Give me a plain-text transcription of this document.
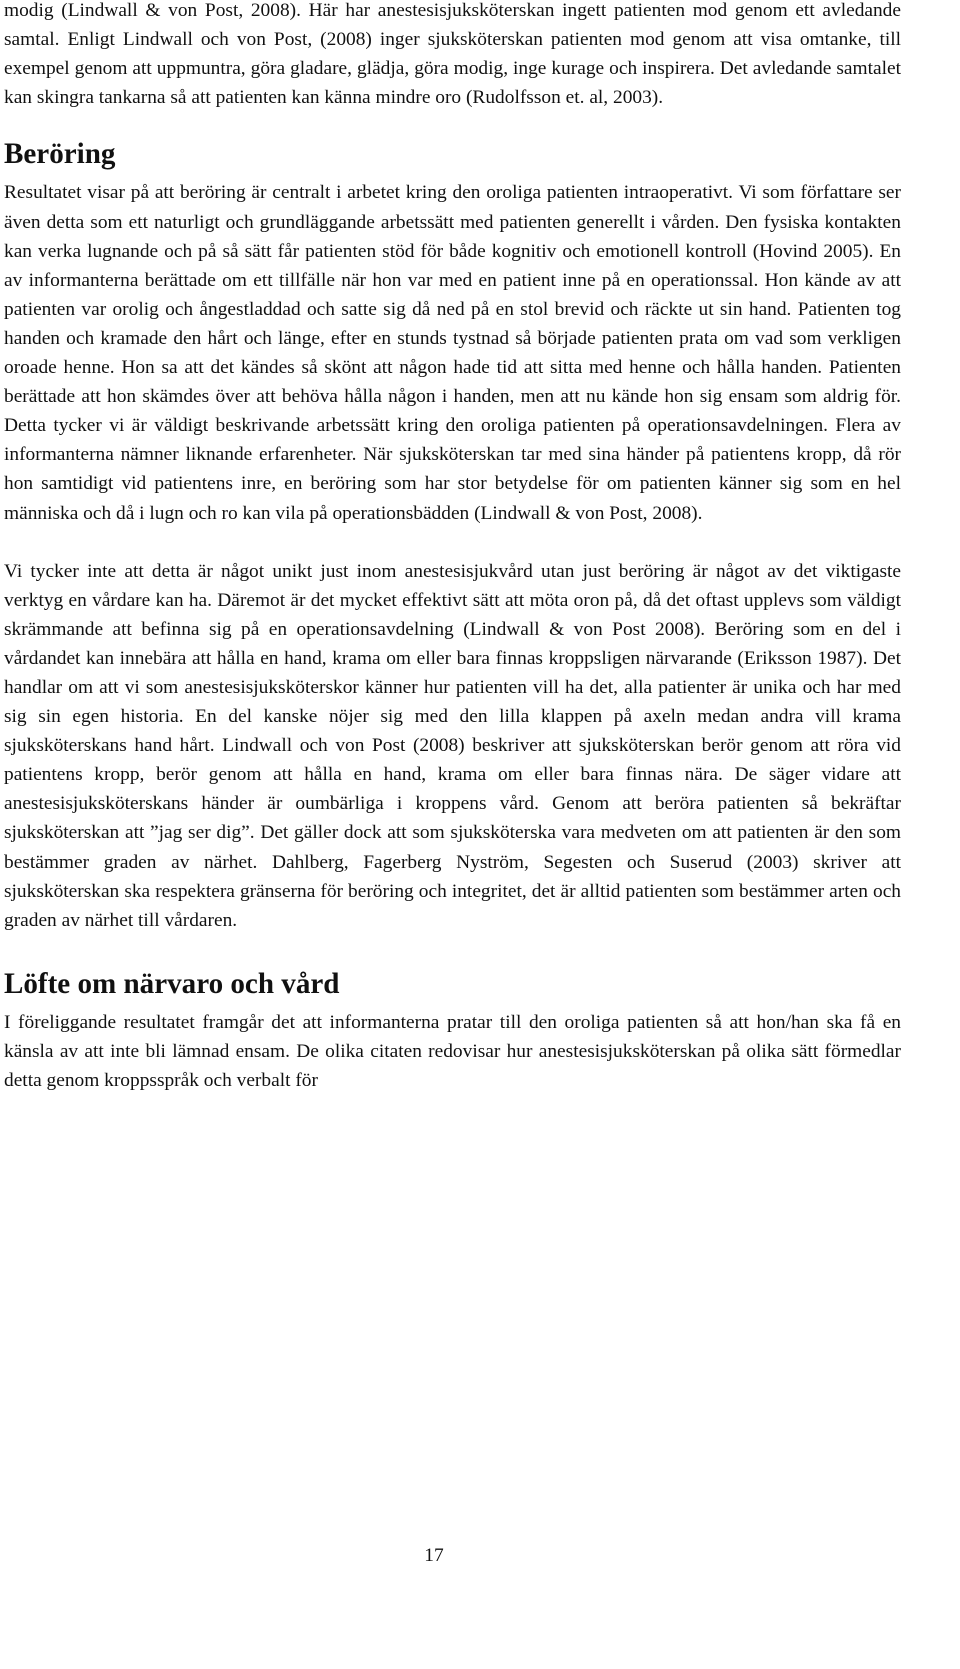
modig (Lindwall & von Post, 2008). Här har anestesisjuksköterskan ingett patienten mod genom ett avledande samtal. Enligt Lindwall och von Post, (2008) inger sjuksköterskan patienten mod genom att visa omtanke, till exempel genom att uppmuntra, göra gladare, glädja, göra modig, inge kurage och inspirera. Det avledande samtalet kan skingra tankarna så att patienten kan känna mindre oro (Rudolfsson et. al, 2003).

Beröring

Resultatet visar på att beröring är centralt i arbetet kring den oroliga patienten intraoperativt. Vi som författare ser även detta som ett naturligt och grundläggande arbetssätt med patienten generellt i vården. Den fysiska kontakten kan verka lugnande och på så sätt får patienten stöd för både kognitiv och emotionell kontroll (Hovind 2005). En av informanterna berättade om ett tillfälle när hon var med en patient inne på en operationssal. Hon kände av att patienten var orolig och ångestladdad och satte sig då ned på en stol brevid och räckte ut sin hand. Patienten tog handen och kramade den hårt och länge, efter en stunds tystnad så började patienten prata om vad som verkligen oroade henne. Hon sa att det kändes så skönt att någon hade tid att sitta med henne och hålla handen. Patienten berättade att hon skämdes över att behöva hålla någon i handen, men att nu kände hon sig ensam som aldrig för. Detta tycker vi är väldigt beskrivande arbetssätt kring den oroliga patienten på operationsavdelningen. Flera av informanterna nämner liknande erfarenheter. När sjuksköterskan tar med sina händer på patientens kropp, då rör hon samtidigt vid patientens inre, en beröring som har stor betydelse för om patienten känner sig som en hel människa och då i lugn och ro kan vila på operationsbädden (Lindwall & von Post, 2008).

Vi tycker inte att detta är något unikt just inom anestesisjukvård utan just beröring är något av det viktigaste verktyg en vårdare kan ha. Däremot är det mycket effektivt sätt att möta oron på, då det oftast upplevs som väldigt skrämmande att befinna sig på en operationsavdelning (Lindwall & von Post 2008). Beröring som en del i vårdandet kan innebära att hålla en hand, krama om eller bara finnas kroppsligen närvarande (Eriksson 1987). Det handlar om att vi som anestesisjuksköterskor känner hur patienten vill ha det, alla patienter är unika och har med sig sin egen historia. En del kanske nöjer sig med den lilla klappen på axeln medan andra vill krama sjuksköterskans hand hårt. Lindwall och von Post (2008) beskriver att sjuksköterskan berör genom att röra vid patientens kropp, berör genom att hålla en hand, krama om eller bara finnas nära. De säger vidare att anestesisjuksköterskans händer är oumbärliga i kroppens vård. Genom att beröra patienten så bekräftar sjuksköterskan att ”jag ser dig”. Det gäller dock att som sjuksköterska vara medveten om att patienten är den som bestämmer graden av närhet. Dahlberg, Fagerberg Nyström, Segesten och Suserud (2003) skriver att sjuksköterskan ska respektera gränserna för beröring och integritet, det är alltid patienten som bestämmer arten och graden av närhet till vårdaren.

Löfte om närvaro och vård

I föreliggande resultatet framgår det att informanterna pratar till den oroliga patienten så att hon/han ska få en känsla av att inte bli lämnad ensam. De olika citaten redovisar hur anestesisjuksköterskan på olika sätt förmedlar detta genom kroppsspråk och verbalt för

17
